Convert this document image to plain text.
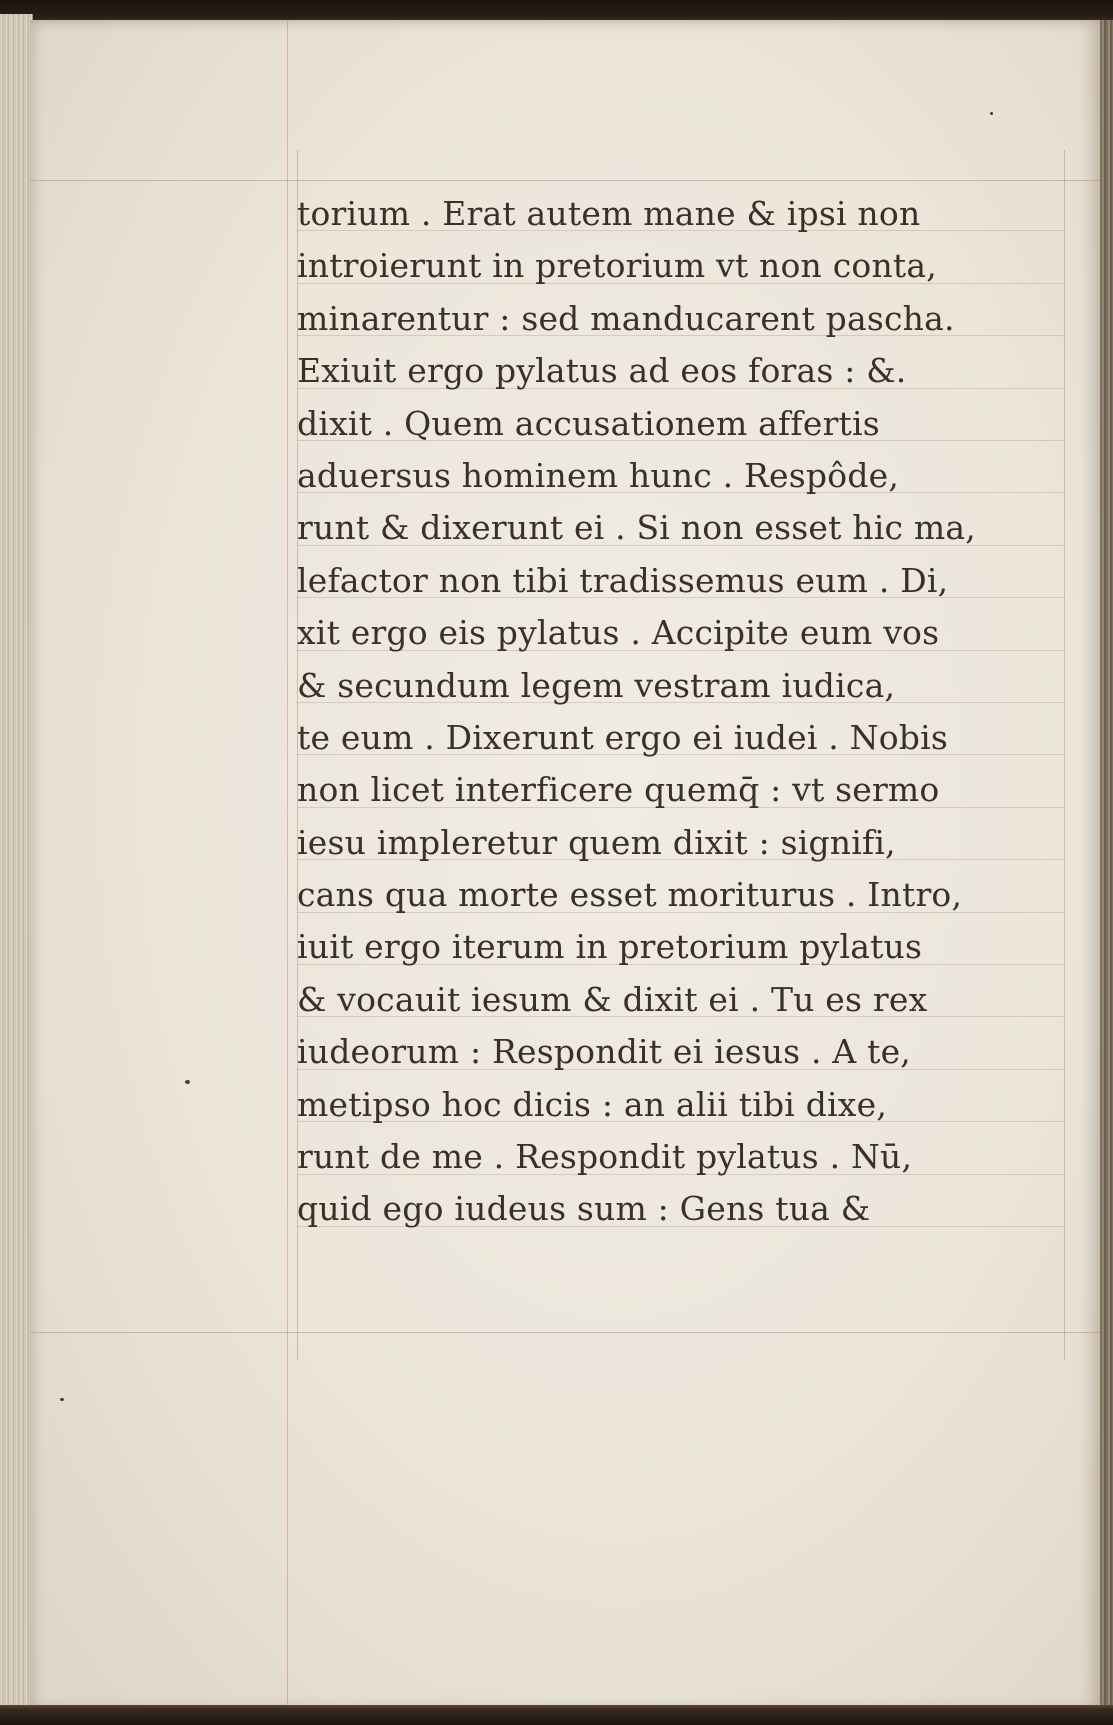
torium . Erat autem mane & ipsi non
introierunt in pretorium vt non conta,
minarentur : sed manducarent pascha.
Exiuit ergo pylatus ad eos foras : &.
dixit . Quem accusationem affertis
aduersus hominem hunc . Respôde,
runt & dixerunt ei . Si non esset hic ma,
lefactor non tibi tradissemus eum . Di,
xit ergo eis pylatus . Accipite eum vos
& secundum legem vestram iudica,
te eum . Dixerunt ergo ei iudei . Nobis
non licet interficere quemq̄ : vt sermo
iesu impleretur quem dixit : signifi,
cans qua morte esset moriturus . Intro,
iuit ergo iterum in pretorium pylatus
& vocauit iesum & dixit ei . Tu es rex
iudeorum : Respondit ei iesus . A te,
metipso hoc dicis : an alii tibi dixe,
runt de me . Respondit pylatus . Nū,
quid ego iudeus sum : Gens tua &
